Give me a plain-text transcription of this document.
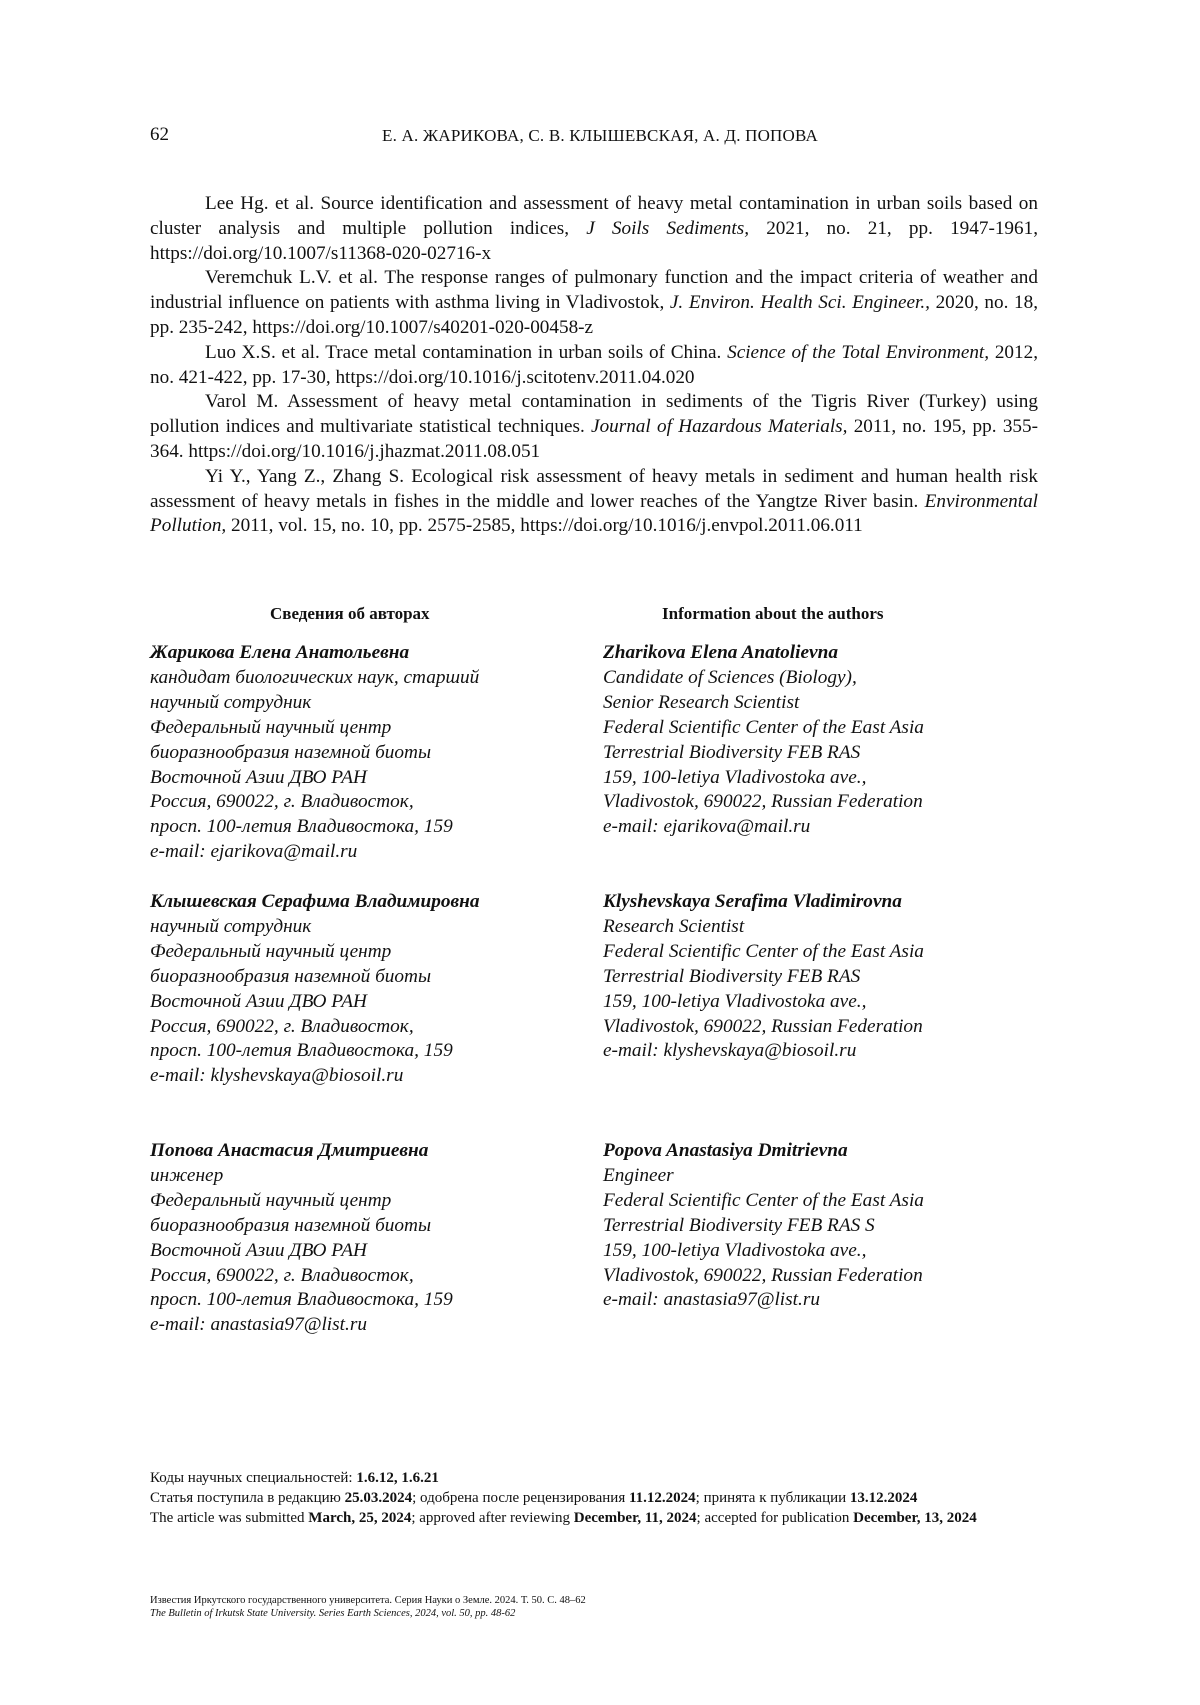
62	Е. А. ЖАРИКОВА, С. В. КЛЫШЕВСКАЯ, А. Д. ПОПОВА

Lee Hg. et al. Source identification and assessment of heavy metal contamination in urban soils based on cluster analysis and multiple pollution indices, J Soils Sediments, 2021, no. 21, pp. 1947-1961, https://doi.org/10.1007/s11368-020-02716-x

Veremchuk L.V. et al. The response ranges of pulmonary function and the impact criteria of weather and industrial influence on patients with asthma living in Vladivostok, J. Environ. Health Sci. Engineer., 2020, no. 18, pp. 235-242, https://doi.org/10.1007/s40201-020-00458-z

Luo X.S. et al. Trace metal contamination in urban soils of China. Science of the Total Environment, 2012, no. 421-422, pp. 17-30, https://doi.org/10.1016/j.scitotenv.2011.04.020

Varol M. Assessment of heavy metal contamination in sediments of the Tigris River (Turkey) using pollution indices and multivariate statistical techniques. Journal of Hazardous Materials, 2011, no. 195, pp. 355-364. https://doi.org/10.1016/j.jhazmat.2011.08.051

Yi Y., Yang Z., Zhang S. Ecological risk assessment of heavy metals in sediment and human health risk assessment of heavy metals in fishes in the middle and lower reaches of the Yangtze River basin. Environmental Pollution, 2011, vol. 15, no. 10, pp. 2575-2585, https://doi.org/10.1016/j.envpol.2011.06.011

Сведения об авторах	Information about the authors
Жарикова Елена Анатольевна
кандидат биологических наук, старший
научный сотрудник
Федеральный научный центр
биоразнообразия наземной биоты
Восточной Азии ДВО РАН
Россия, 690022, г. Владивосток,
просп. 100-летия Владивостока, 159
e-mail: ejarikova@mail.ru
Клышевская Серафима Владимировна
научный сотрудник
Федеральный научный центр
биоразнообразия наземной биоты
Восточной Азии ДВО РАН
Россия, 690022, г. Владивосток,
просп. 100-летия Владивостока, 159
e-mail: klyshevskaya@biosoil.ru
Попова Анастасия Дмитриевна
инженер
Федеральный научный центр
биоразнообразия наземной биоты
Восточной Азии ДВО РАН
Россия, 690022, г. Владивосток,
просп. 100-летия Владивостока, 159
e-mail: anastasia97@list.ru
Zharikova Elena Anatolievna
Candidate of Sciences (Biology),
Senior Research Scientist
Federal Scientific Center of the East Asia
Terrestrial Biodiversity FEB RAS
159, 100-letiya Vladivostoka ave.,
Vladivostok, 690022, Russian Federation
e-mail: ejarikova@mail.ru
Klyshevskaya Serafima Vladimirovna
Research Scientist
Federal Scientific Center of the East Asia
Terrestrial Biodiversity FEB RAS
159, 100-letiya Vladivostoka ave.,
Vladivostok, 690022, Russian Federation
e-mail: klyshevskaya@biosoil.ru
Popova Anastasiya Dmitrievna
Engineer
Federal Scientific Center of the East Asia
Terrestrial Biodiversity FEB RAS S
159, 100-letiya Vladivostoka ave.,
Vladivostok, 690022, Russian Federation
e-mail: anastasia97@list.ru

Коды научных специальностей: 1.6.12, 1.6.21

Статья поступила в редакцию 25.03.2024; одобрена после рецензирования 11.12.2024; принята к публикации 13.12.2024

The article was submitted March, 25, 2024; approved after reviewing December, 11, 2024; accepted for publication December, 13, 2024

Известия Иркутского государственного университета. Серия Науки о Земле. 2024. Т. 50. С. 48–62

The Bulletin of Irkutsk State University. Series Earth Sciences, 2024, vol. 50, pp. 48-62
